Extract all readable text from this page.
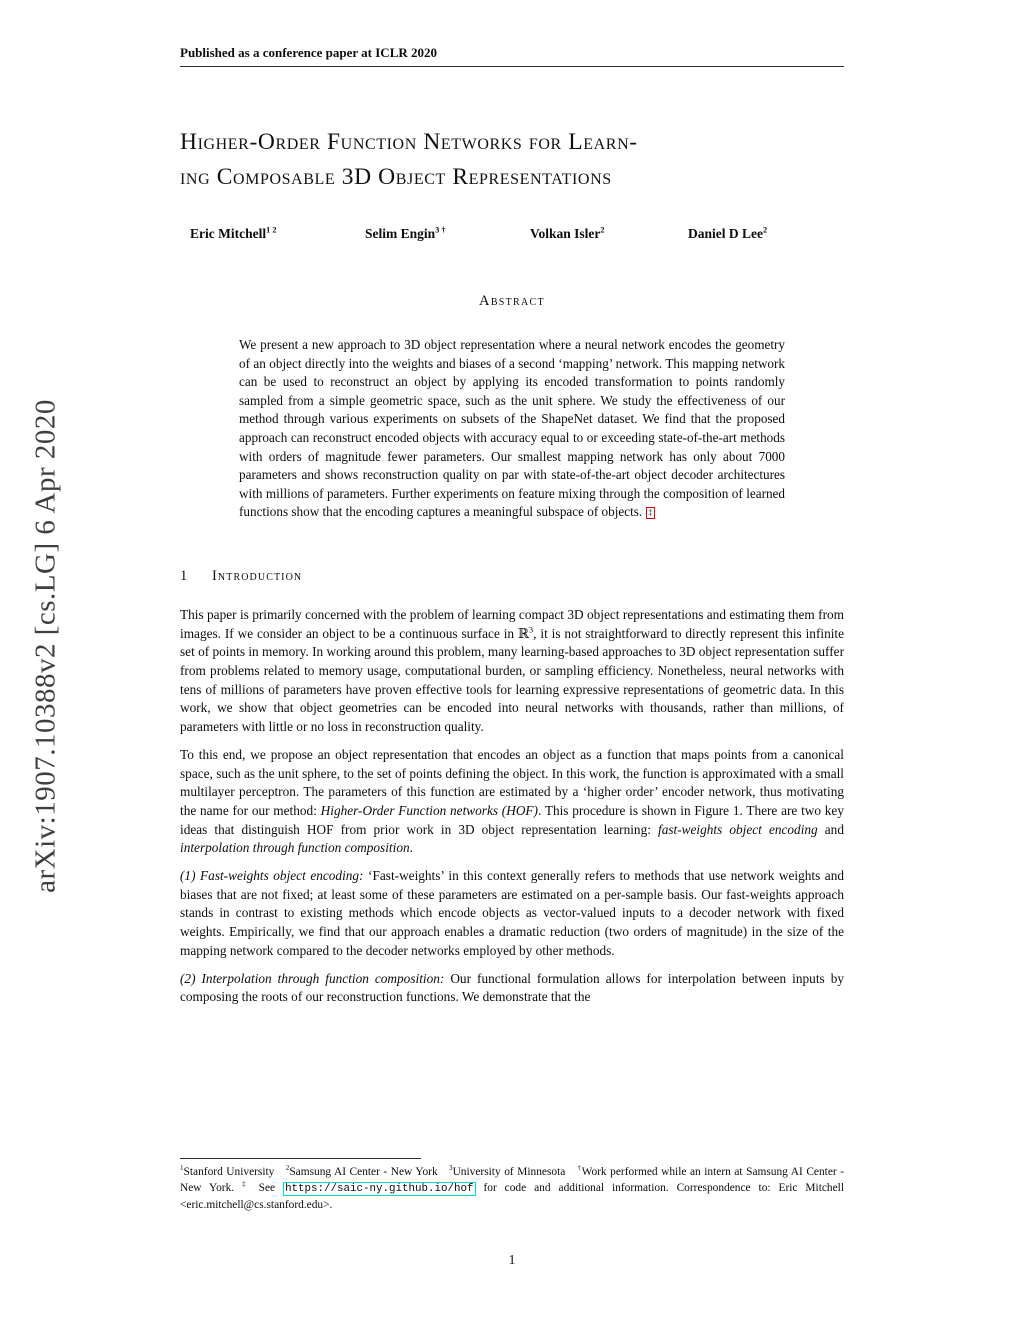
arXiv:1907.10388v2 [cs.LG] 6 Apr 2020
Published as a conference paper at ICLR 2020
Higher-Order Function Networks for Learn-
ing Composable 3D Object Representations
Eric Mitchell$^{1 2}$	Selim Engin$^{3 \dagger}$	Volkan Isler$^2$	Daniel D Lee$^2$
Abstract

We present a new approach to 3D object representation where a neural network encodes the geometry of an object directly into the weights and biases of a second ‘mapping’ network. This mapping network can be used to reconstruct an object by applying its encoded transformation to points randomly sampled from a simple geometric space, such as the unit sphere. We study the effectiveness of our method through various experiments on subsets of the ShapeNet dataset. We find that the proposed approach can reconstruct encoded objects with accuracy equal to or exceeding state-of-the-art methods with orders of magnitude fewer parameters. Our smallest mapping network has only about 7000 parameters and shows reconstruction quality on par with state-of-the-art object decoder architectures with millions of parameters. Further experiments on feature mixing through the composition of learned functions show that the encoding captures a meaningful subspace of objects. ‡

1 Introduction

This paper is primarily concerned with the problem of learning compact 3D object representations and estimating them from images. If we consider an object to be a continuous surface in ℝ$^3$, it is not straightforward to directly represent this infinite set of points in memory. In working around this problem, many learning-based approaches to 3D object representation suffer from problems related to memory usage, computational burden, or sampling efficiency. Nonetheless, neural networks with tens of millions of parameters have proven effective tools for learning expressive representations of geometric data. In this work, we show that object geometries can be encoded into neural networks with thousands, rather than millions, of parameters with little or no loss in reconstruction quality.

To this end, we propose an object representation that encodes an object as a function that maps points from a canonical space, such as the unit sphere, to the set of points defining the object. In this work, the function is approximated with a small multilayer perceptron. The parameters of this function are estimated by a ‘higher order’ encoder network, thus motivating the name for our method: Higher-Order Function networks (HOF). This procedure is shown in Figure 1. There are two key ideas that distinguish HOF from prior work in 3D object representation learning: fast-weights object encoding and interpolation through function composition.

(1) Fast-weights object encoding: ‘Fast-weights’ in this context generally refers to methods that use network weights and biases that are not fixed; at least some of these parameters are estimated on a per-sample basis. Our fast-weights approach stands in contrast to existing methods which encode objects as vector-valued inputs to a decoder network with fixed weights. Empirically, we find that our approach enables a dramatic reduction (two orders of magnitude) in the size of the mapping network compared to the decoder networks employed by other methods.

(2) Interpolation through function composition: Our functional formulation allows for interpolation between inputs by composing the roots of our reconstruction functions. We demonstrate that the

$^1$Stanford University  $^2$Samsung AI Center - New York  $^3$University of Minnesota  †Work performed while an intern at Samsung AI Center - New York. ‡ See https://saic-ny.github.io/hof for code and additional information. Correspondence to: Eric Mitchell <eric.mitchell@cs.stanford.edu>.

1
